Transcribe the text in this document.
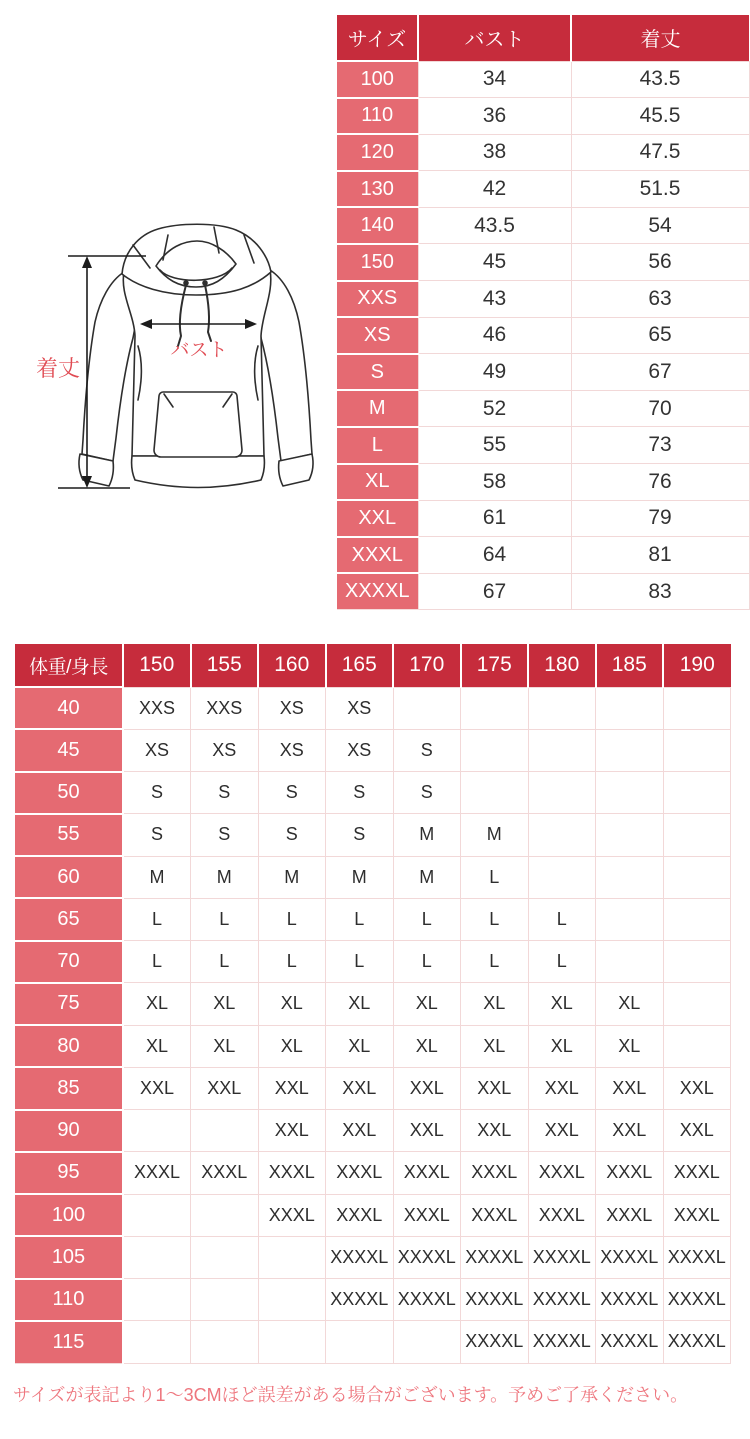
着丈
バスト
サイズ	バスト	着丈
100	34	43.5
110	36	45.5
120	38	47.5
130	42	51.5
140	43.5	54
150	45	56
XXS	43	63
XS	46	65
S	49	67
M	52	70
L	55	73
XL	58	76
XXL	61	79
XXXL	64	81
XXXXL	67	83
体重/身長	150	155	160	165	170	175	180	185	190
40	XXS	XXS	XS	XS					
45	XS	XS	XS	XS	S				
50	S	S	S	S	S				
55	S	S	S	S	M	M			
60	M	M	M	M	M	L			
65	L	L	L	L	L	L	L		
70	L	L	L	L	L	L	L		
75	XL	XL	XL	XL	XL	XL	XL	XL	
80	XL	XL	XL	XL	XL	XL	XL	XL	
85	XXL	XXL	XXL	XXL	XXL	XXL	XXL	XXL	XXL
90			XXL	XXL	XXL	XXL	XXL	XXL	XXL
95	XXXL	XXXL	XXXL	XXXL	XXXL	XXXL	XXXL	XXXL	XXXL
100			XXXL	XXXL	XXXL	XXXL	XXXL	XXXL	XXXL
105				XXXXL	XXXXL	XXXXL	XXXXL	XXXXL	XXXXL
110				XXXXL	XXXXL	XXXXL	XXXXL	XXXXL	XXXXL
115						XXXXL	XXXXL	XXXXL	XXXXL

サイズが表記より1〜3CMほど誤差がある場合がございます。予めご了承ください。
